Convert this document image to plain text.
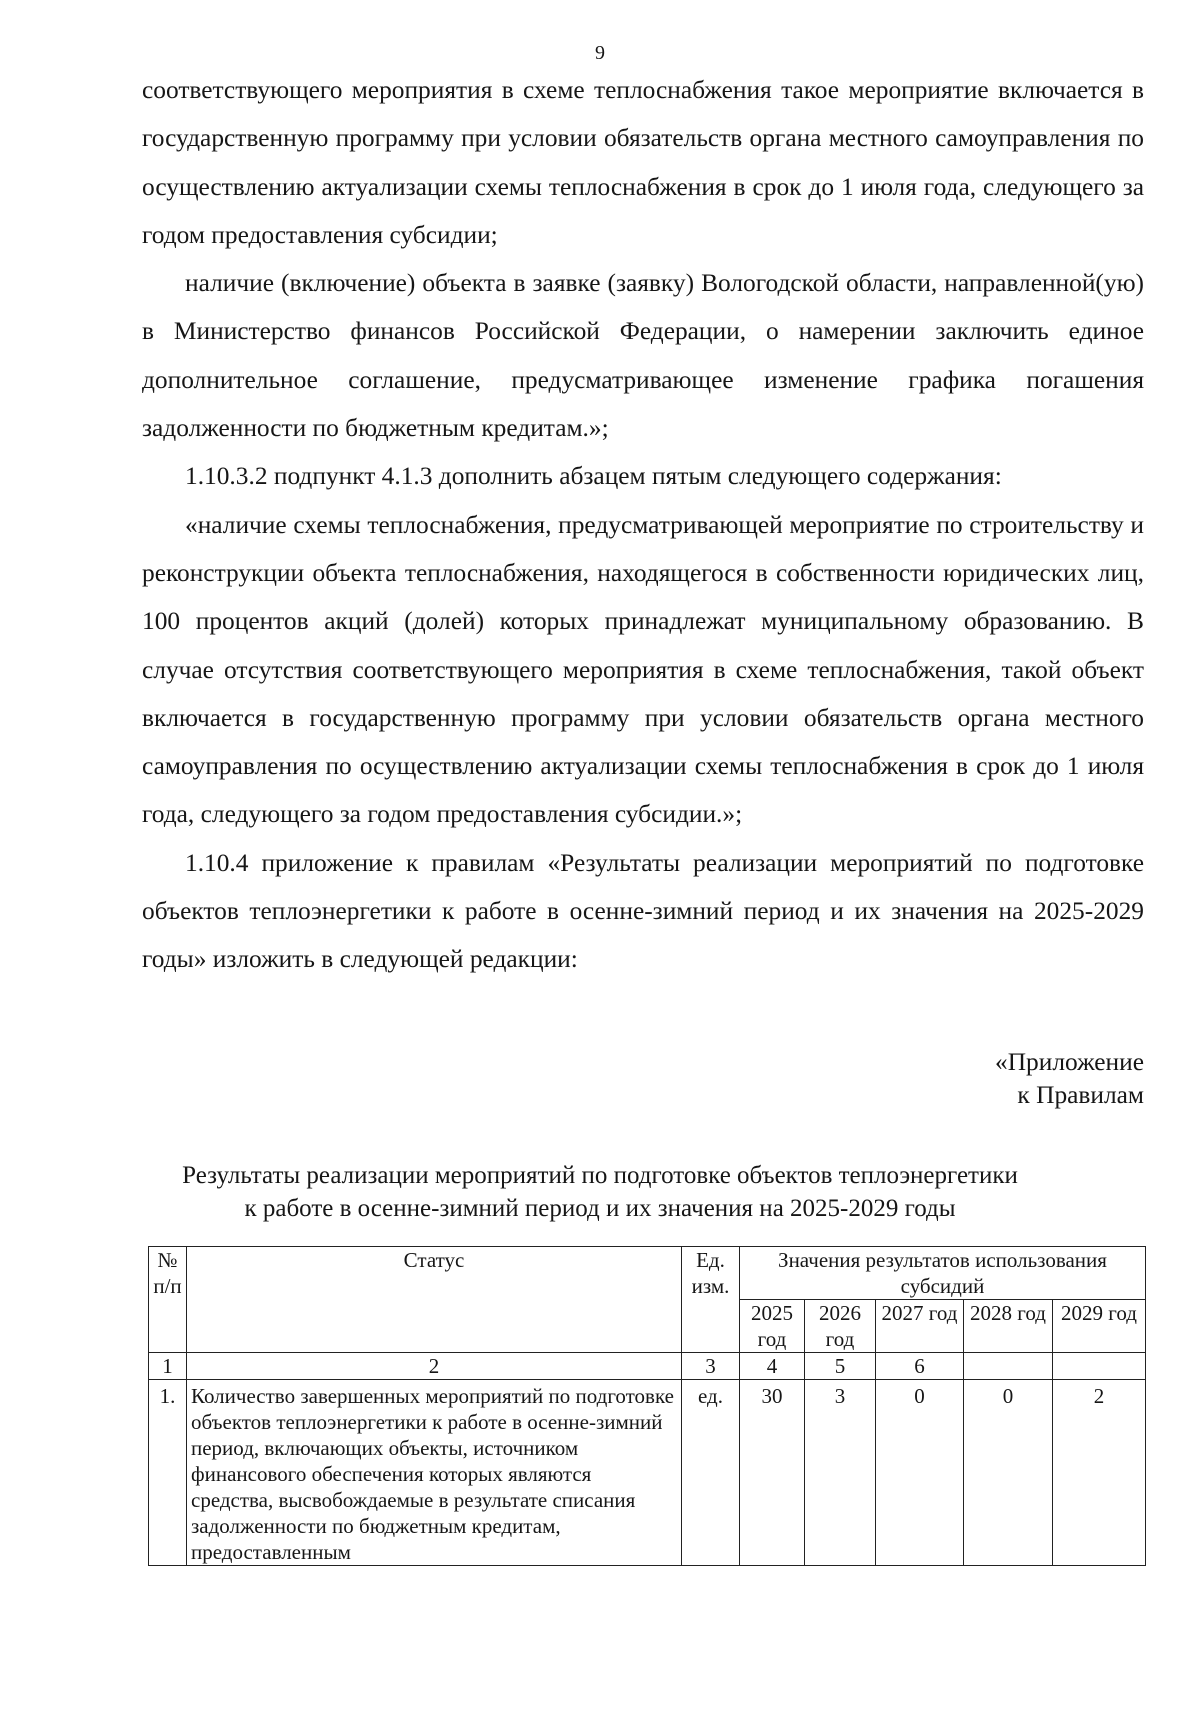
9

соответствующего мероприятия в схеме теплоснабжения такое мероприятие включается в государственную программу при условии обязательств органа местного самоуправления по осуществлению актуализации схемы теплоснабжения в срок до 1 июля года, следующего за годом предоставления субсидии;

наличие (включение) объекта в заявке (заявку) Вологодской области, направленной(ую) в Министерство финансов Российской Федерации, о намерении заключить единое дополнительное соглашение, предусматривающее изменение графика погашения задолженности по бюджетным кредитам.»;

1.10.3.2 подпункт 4.1.3 дополнить абзацем пятым следующего содержания:

«наличие схемы теплоснабжения, предусматривающей мероприятие по строительству и реконструкции объекта теплоснабжения, находящегося в собственности юридических лиц, 100 процентов акций (долей) которых принадлежат муниципальному образованию. В случае отсутствия соответствующего мероприятия в схеме теплоснабжения, такой объект включается в государственную программу при условии обязательств органа местного самоуправления по осуществлению актуализации схемы теплоснабжения в срок до 1 июля года, следующего за годом предоставления субсидии.»;

1.10.4 приложение к правилам «Результаты реализации мероприятий по подготовке объектов теплоэнергетики к работе в осенне-зимний период и их значения на 2025-2029 годы» изложить в следующей редакции:

«Приложение
к Правилам
Результаты реализации мероприятий по подготовке объектов теплоэнергетики
к работе в осенне-зимний период и их значения на 2025-2029 годы
№ п/п	Статус	Ед. изм.	Значения результатов использования субсидий				
			2025 год	2026 год	2027 год	2028 год	2029 год
1	2	3	4	5	6		
1.	Количество завершенных мероприятий по подготовке объектов теплоэнергетики к работе в осенне-зимний период, включающих объекты, источником финансового обеспечения которых являются средства, высвобождаемые в результате списания задолженности по бюджетным кредитам, предоставленным	ед.	30	3	0	0	2
